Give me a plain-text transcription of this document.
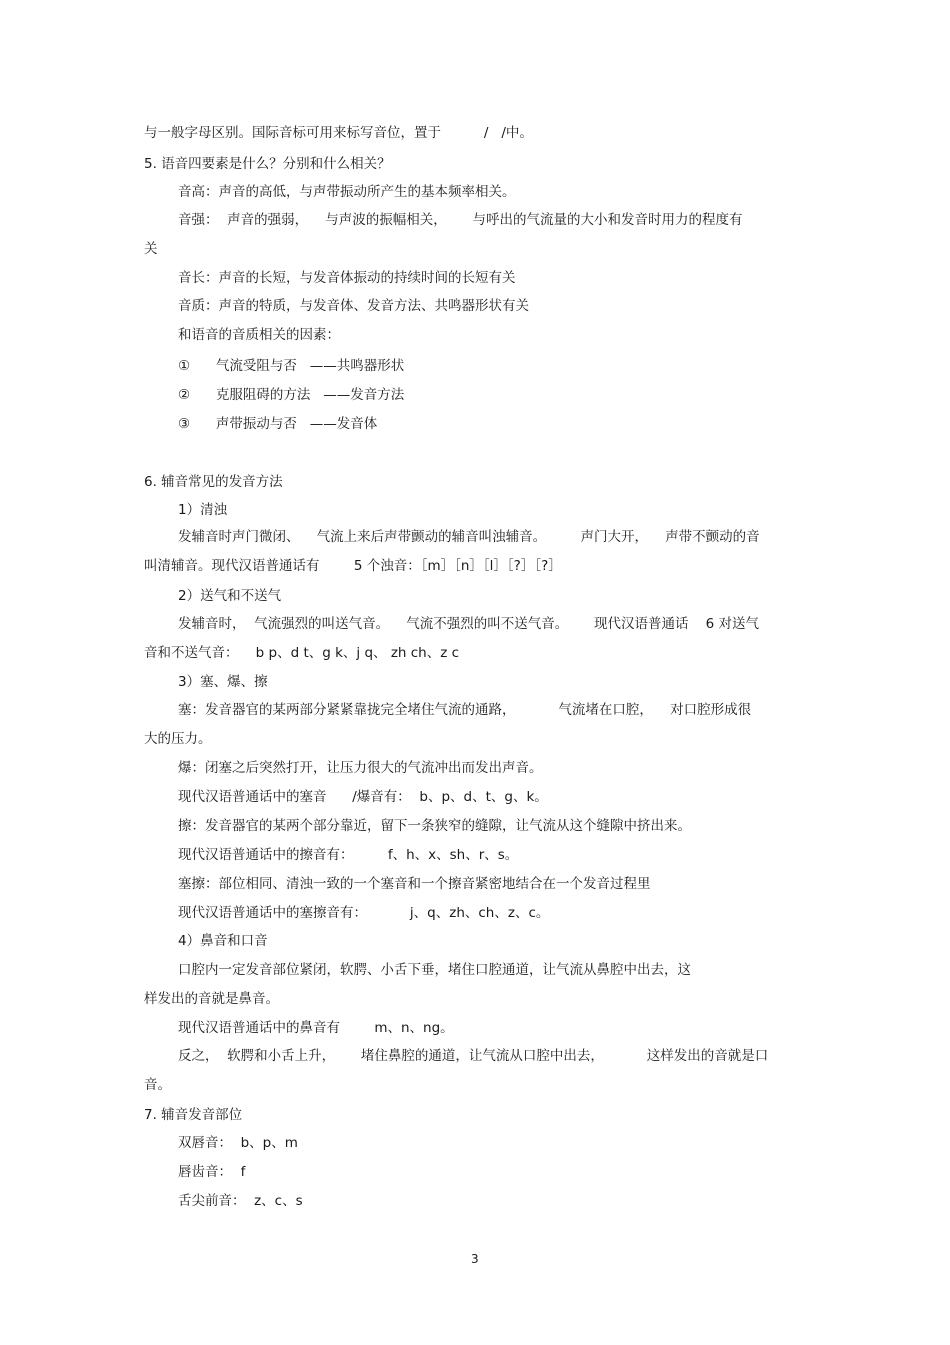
与一般字母区别。国际音标可用来标写音位，置于          /   /中。
5. 语音四要素是什么？分别和什么相关？
音高：声音的高低，与声带振动所产生的基本频率相关。
音强：  声音的强弱，    与声波的振幅相关，      与呼出的气流量的大小和发音时用力的程度有
关
音长：声音的长短，与发音体振动的持续时间的长短有关
音质：声音的特质，与发音体、发音方法、共鸣器形状有关
和语音的音质相关的因素：
①      气流受阻与否   ——共鸣器形状
②      克服阻碍的方法   ——发音方法
③      声带振动与否   ——发音体
6. 辅音常见的发音方法
1）清浊
发辅音时声门微闭、    气流上来后声带颤动的辅音叫浊辅音。        声门大开，    声带不颤动的音
叫清辅音。现代汉语普通话有        5 个浊音：［m］［n］［l］［?］［?］
2）送气和不送气
发辅音时，  气流强烈的叫送气音。    气流不强烈的叫不送气音。      现代汉语普通话    6 对送气
音和不送气音：    b p、d t、g k、j q、 zh ch、z c
3）塞、爆、擦
塞：发音器官的某两部分紧紧靠拢完全堵住气流的通路，          气流堵在口腔，    对口腔形成很
大的压力。
爆：闭塞之后突然打开，让压力很大的气流冲出而发出声音。
现代汉语普通话中的塞音      /爆音有：  b、p、d、t、g、k。
擦：发音器官的某两个部分靠近，留下一条狭窄的缝隙，让气流从这个缝隙中挤出来。
现代汉语普通话中的擦音有：        f、h、x、sh、r、s。
塞擦：部位相同、清浊一致的一个塞音和一个擦音紧密地结合在一个发音过程里
现代汉语普通话中的塞擦音有：          j、q、zh、ch、z、c。
4）鼻音和口音
口腔内一定发音部位紧闭，软腭、小舌下垂，堵住口腔通道，让气流从鼻腔中出去，这
样发出的音就是鼻音。
现代汉语普通话中的鼻音有        m、n、ng。
反之，  软腭和小舌上升，      堵住鼻腔的通道，让气流从口腔中出去，          这样发出的音就是口
音。
7. 辅音发音部位
双唇音：  b、p、m
唇齿音：  f
舌尖前音：  z、c、s
3
